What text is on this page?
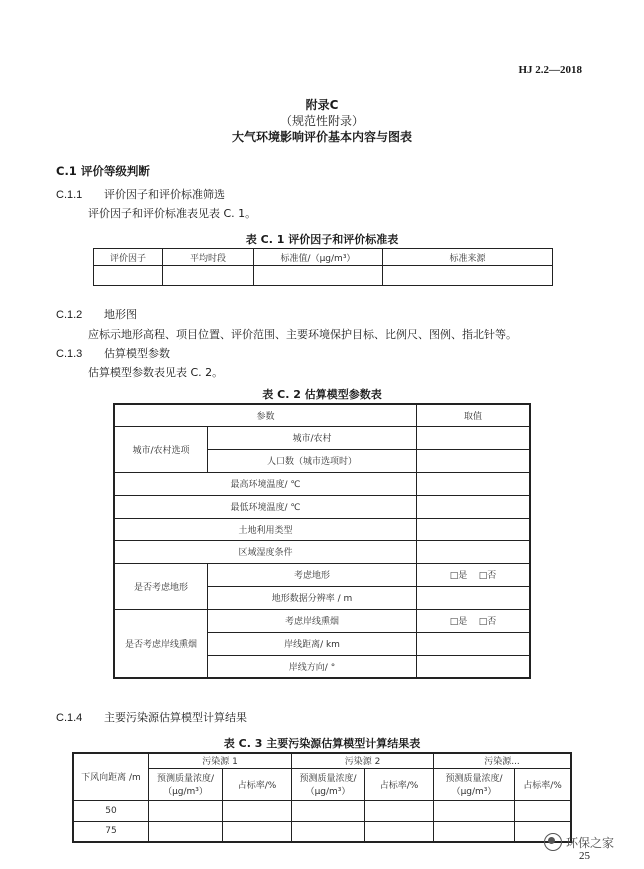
HJ 2.2—2018
附录C
（规范性附录）
大气环境影响评价基本内容与图表
C.1 评价等级判断
C.1.1 评价因子和评价标准筛选
评价因子和评价标准表见表 C. 1。
表 C. 1 评价因子和评价标准表
评价因子	平均时段	标准值/（μg/m³）	标准来源

C.1.2 地形图
应标示地形高程、项目位置、评价范围、主要环境保护目标、比例尺、图例、指北针等。
C.1.3 估算模型参数
估算模型参数表见表 C. 2。
表 C. 2 估算模型参数表
参数		取值
城市/农村选项	城市/农村	
	人口数（城市选项时）	
最高环境温度/ ℃		
最低环境温度/ ℃		
土地利用类型		
区域湿度条件		
是否考虑地形	考虑地形	□是 □否
	地形数据分辨率 / m	
是否考虑岸线熏烟	考虑岸线熏烟	□是 □否
	岸线距离/ km	
	岸线方向/ °	
C.1.4 主要污染源估算模型计算结果
表 C. 3 主要污染源估算模型计算结果表
下风向距离 /m	污染源 1		污染源 2		污染源...	
	预测质量浓度/（μg/m³）	占标率/%	预测质量浓度/（μg/m³）	占标率/%	预测质量浓度/（μg/m³）	占标率/%
50						
75						
环保之家
25
